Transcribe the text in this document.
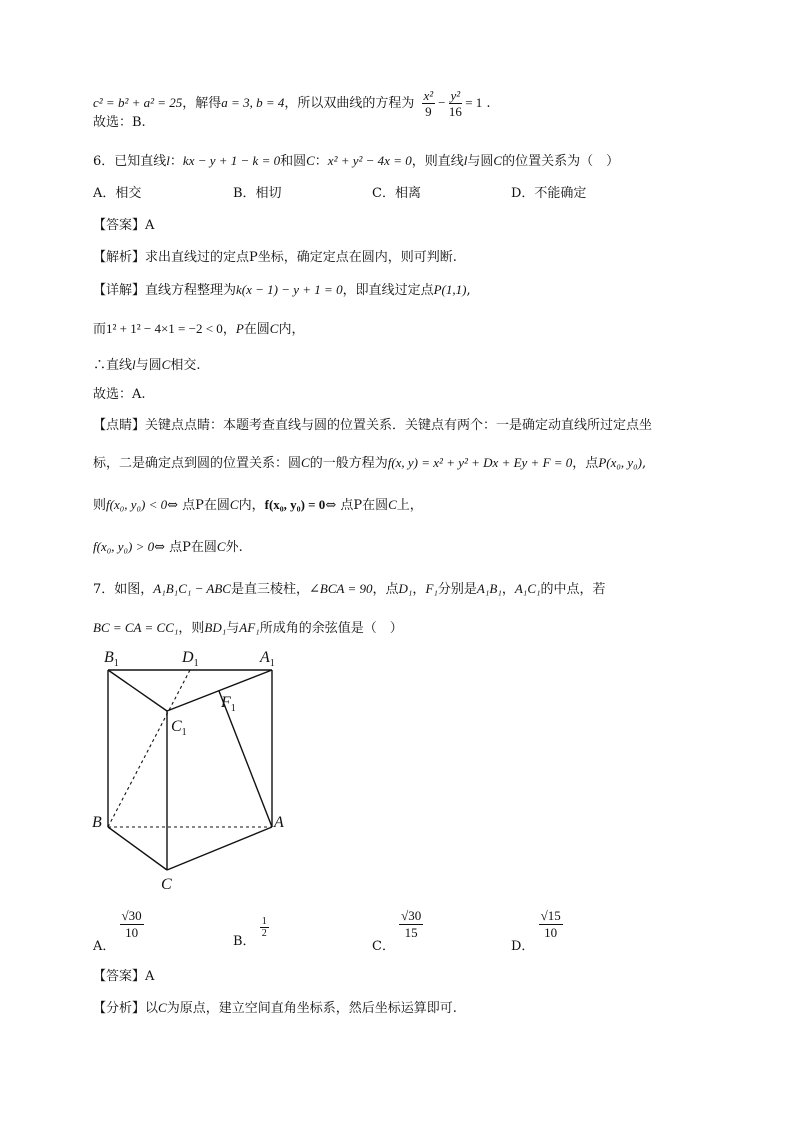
c² = b² + a² = 25，解得a = 3, b = 4，所以双曲线的方程为 $\frac{\text{x²}}{9} - \frac{\text{y²}}{16} = 1$ .
故选：B.
6．已知直线l：kx − y + 1 − k = 0和圆C：x² + y² − 4x = 0，则直线l与圆C的位置关系为（　）
A．相交	B．相切	C．相离	D．不能确定
【答案】A
【解析】求出直线过的定点P坐标，确定定点在圆内，则可判断.
【详解】直线方程整理为k(x − 1) − y + 1 = 0，即直线过定点P(1,1),
而1² + 1² − 4×1 = −2 < 0，P在圆C内，
∴直线l与圆C相交.
故选：A.
【点睛】关键点点睛：本题考查直线与圆的位置关系．关键点有两个：一是确定动直线所过定点坐
标，二是确定点到圆的位置关系：圆C的一般方程为f(x, y) = x² + y² + Dx + Ey + F = 0，点P(x₀, y₀),
则f(x₀, y₀) < 0⇔ 点P在圆C内，f(x₀, y₀) = 0⇔ 点P在圆C上，
f(x₀, y₀) > 0⇔ 点P在圆C外.
7．如图，A₁B₁C₁ − ABC是直三棱柱，∠BCA = 90，点D₁，F₁分别是A₁B₁，A₁C₁的中点，若
BC = CA = CC₁，则BD₁与AF₁所成角的余弦值是（　）
$B_1$	$D_1$	$A_1$
$F_1$
$C_1$
B	A
C
A．
$\frac{√30}{10}$
B．
$\frac{1}{2}$
C．
$\frac{√30}{15}$
D．
$\frac{√15}{10}$
【答案】A
【分析】以C为原点，建立空间直角坐标系，然后坐标运算即可.
